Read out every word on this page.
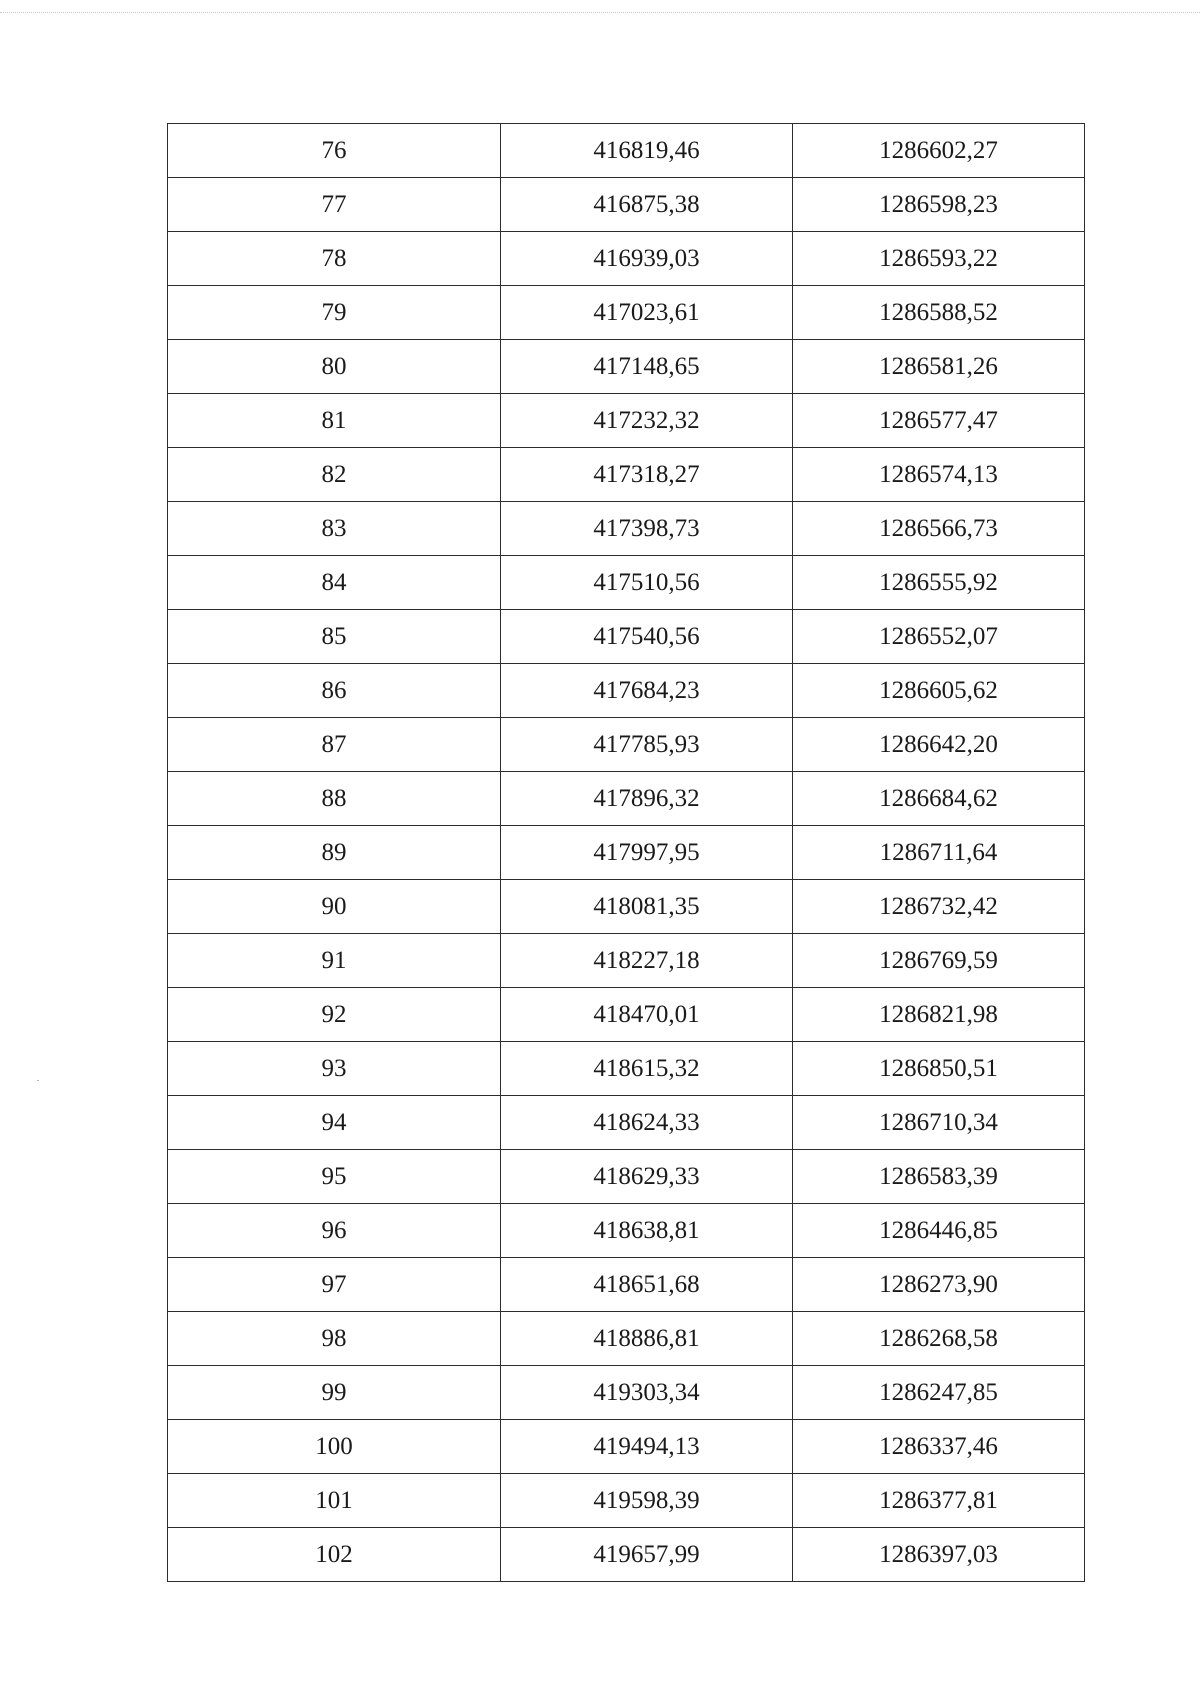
76	416819,46	1286602,27
77	416875,38	1286598,23
78	416939,03	1286593,22
79	417023,61	1286588,52
80	417148,65	1286581,26
81	417232,32	1286577,47
82	417318,27	1286574,13
83	417398,73	1286566,73
84	417510,56	1286555,92
85	417540,56	1286552,07
86	417684,23	1286605,62
87	417785,93	1286642,20
88	417896,32	1286684,62
89	417997,95	1286711,64
90	418081,35	1286732,42
91	418227,18	1286769,59
92	418470,01	1286821,98
93	418615,32	1286850,51
94	418624,33	1286710,34
95	418629,33	1286583,39
96	418638,81	1286446,85
97	418651,68	1286273,90
98	418886,81	1286268,58
99	419303,34	1286247,85
100	419494,13	1286337,46
101	419598,39	1286377,81
102	419657,99	1286397,03
